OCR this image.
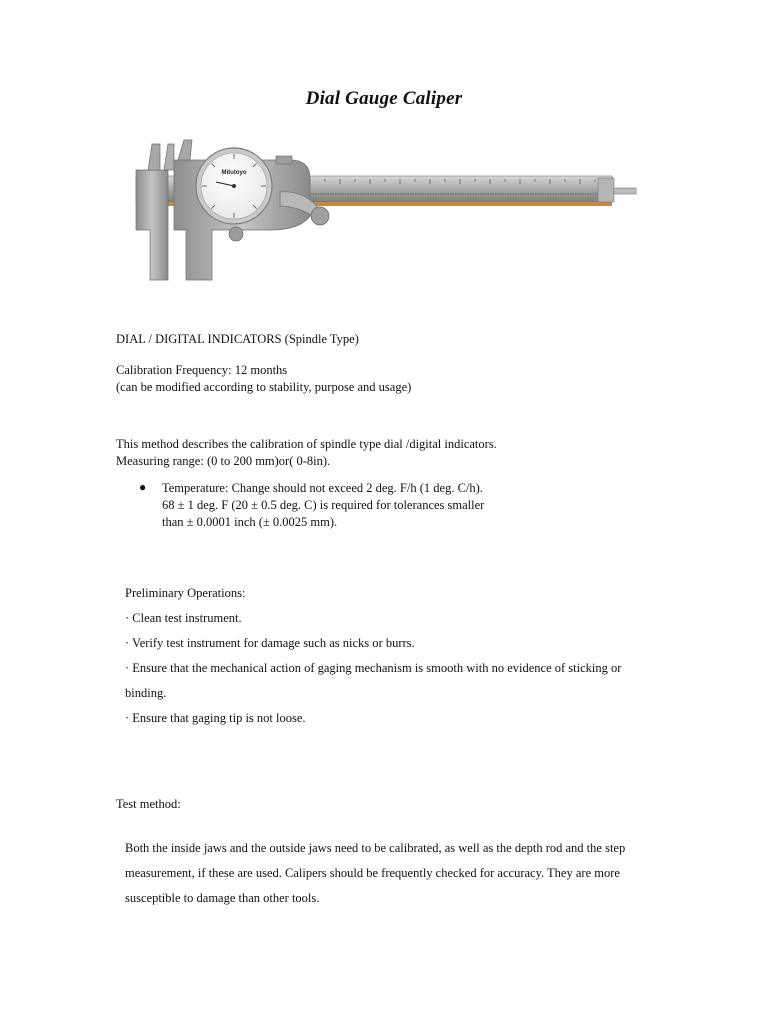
Dial Gauge Caliper
Mitutoyo
DIAL / DIGITAL INDICATORS (Spindle Type)
Calibration Frequency: 12 months
(can be modified according to stability, purpose and usage)
This method describes the calibration of spindle type dial /digital indicators.
Measuring range: (0 to 200 mm)or( 0-8in).
● Temperature: Change should not exceed 2 deg. F/h (1 deg. C/h).
68 ± 1 deg. F (20 ± 0.5 deg. C) is required for tolerances smaller
than ± 0.0001 inch (± 0.0025 mm).
Preliminary Operations:
· Clean test instrument.
· Verify test instrument for damage such as nicks or burrs.
· Ensure that the mechanical action of gaging mechanism is smooth with no evidence of sticking or
binding.
· Ensure that gaging tip is not loose.
Test method:
Both the inside jaws and the outside jaws need to be calibrated, as well as the depth rod and the step
measurement, if these are used. Calipers should be frequently checked for accuracy. They are more
susceptible to damage than other tools.
